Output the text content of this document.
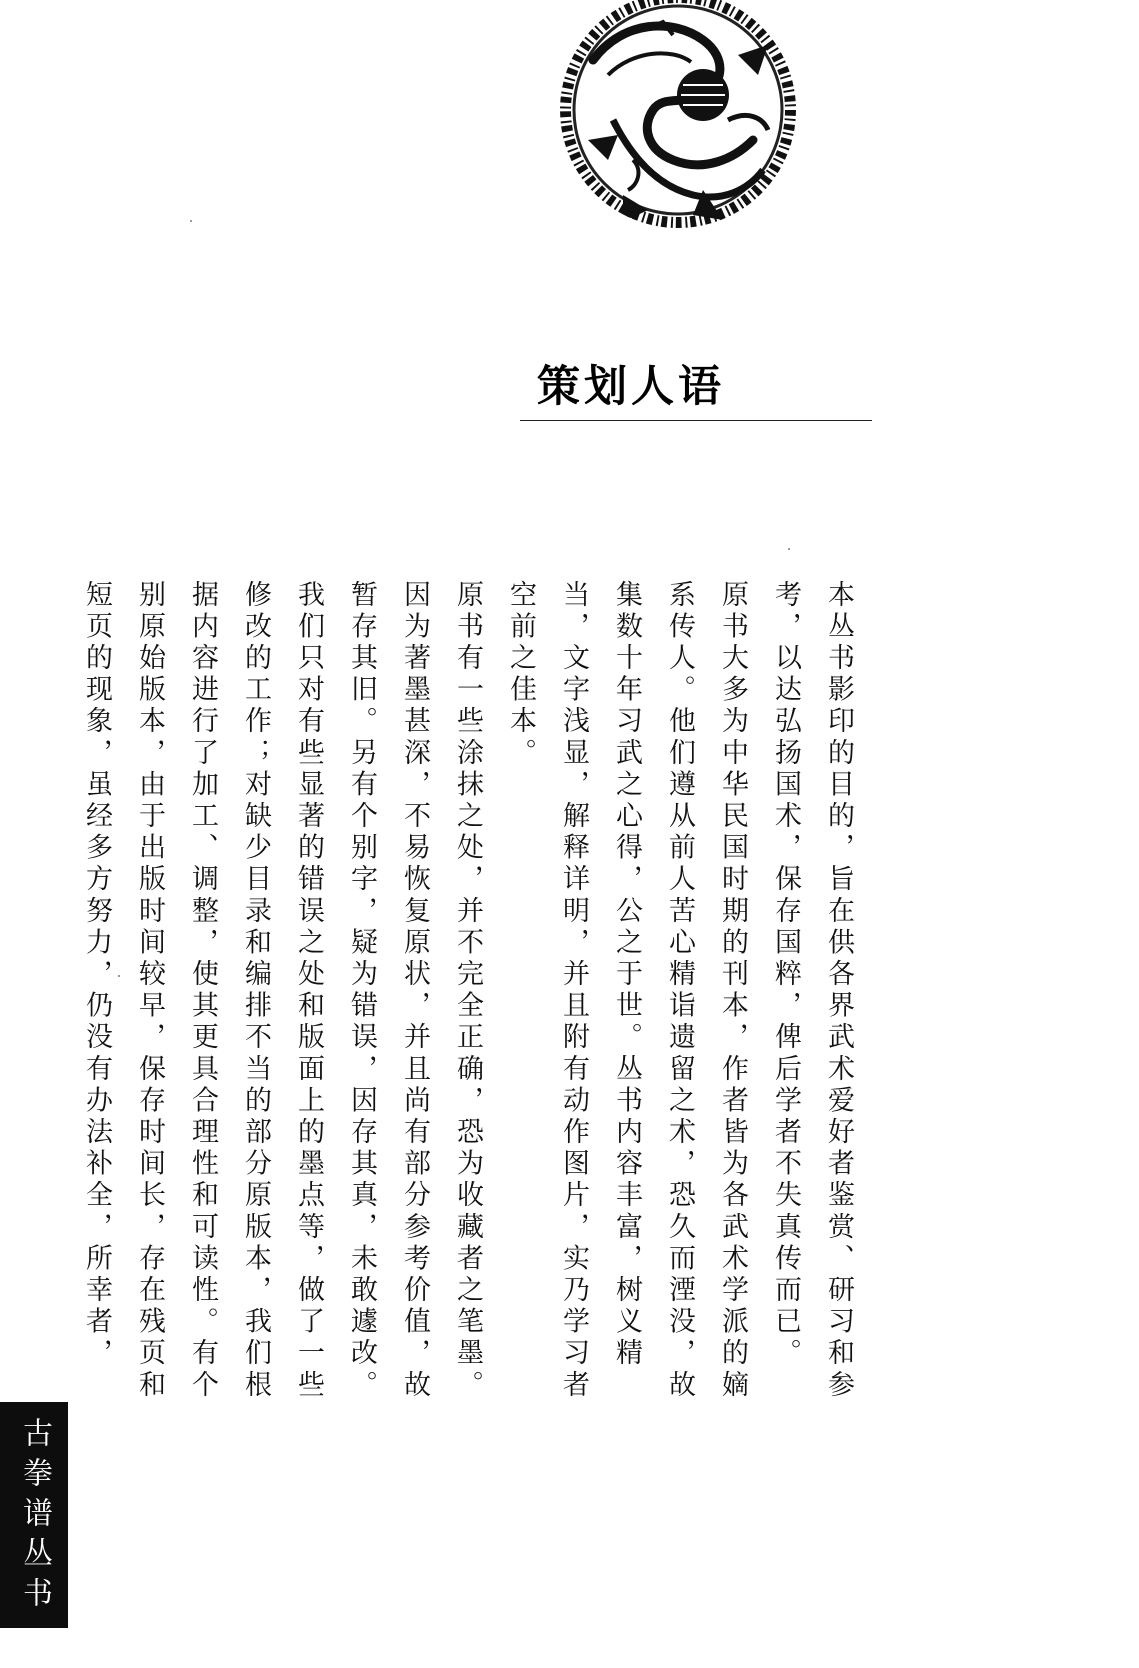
策划人语

本丛书影印的目的，旨在供各界武术爱好者鉴赏、研习和参考，以达弘扬国术，保存国粹，俾后学者不失真传而已。

原书大多为中华民国时期的刊本，作者皆为各武术学派的嫡系传人。他们遵从前人苦心精诣遗留之术，恐久而湮没，故集数十年习武之心得，公之于世。丛书内容丰富，树义精当，文字浅显，解释详明，并且附有动作图片，实乃学习者空前之佳本。

原书有一些涂抹之处，并不完全正确，恐为收藏者之笔墨。因为著墨甚深，不易恢复原状，并且尚有部分参考价值，故暂存其旧。另有个别字，疑为错误，因存其真，未敢遽改。我们只对有些显著的错误之处和版面上的墨点等，做了一些修改的工作；对缺少目录和编排不当的部分原版本，我们根据内容进行了加工、调整，使其更具合理性和可读性。有个别原始版本，由于出版时间较早，保存时间长，存在残页和短页的现象，虽经多方努力，仍没有办法补全，所幸者，

古拳谱丛书
